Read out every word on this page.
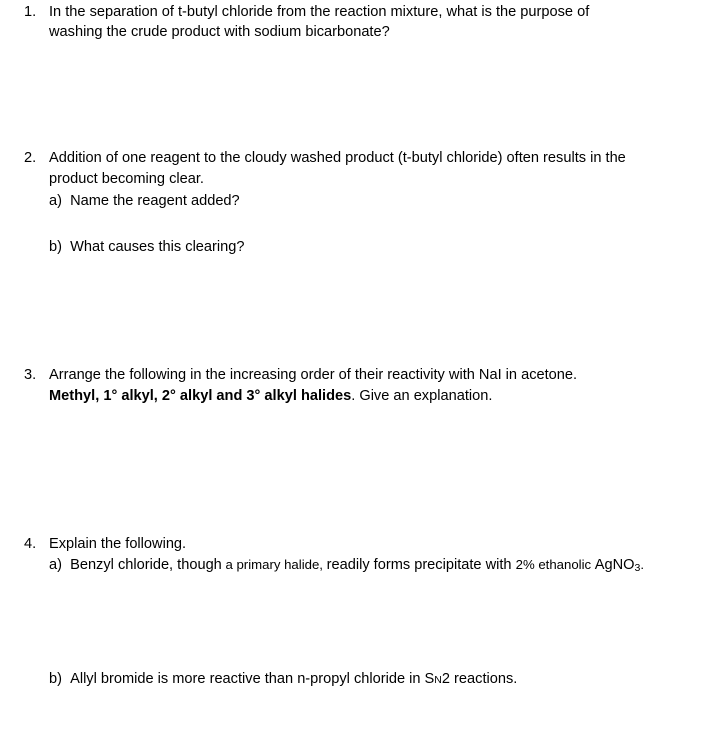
1. In the separation of t-butyl chloride from the reaction mixture, what is the purpose of
washing the crude product with sodium bicarbonate?
2. Addition of one reagent to the cloudy washed product (t-butyl chloride) often results in the
product becoming clear.
a) Name the reagent added?
b) What causes this clearing?
3. Arrange the following in the increasing order of their reactivity with NaI in acetone.
Methyl, 1° alkyl, 2° alkyl and 3° alkyl halides. Give an explanation.
4. Explain the following.
a) Benzyl chloride, though a primary halide, readily forms precipitate with 2% ethanolic AgNO3.
b) Allyl bromide is more reactive than n-propyl chloride in SN2 reactions.
